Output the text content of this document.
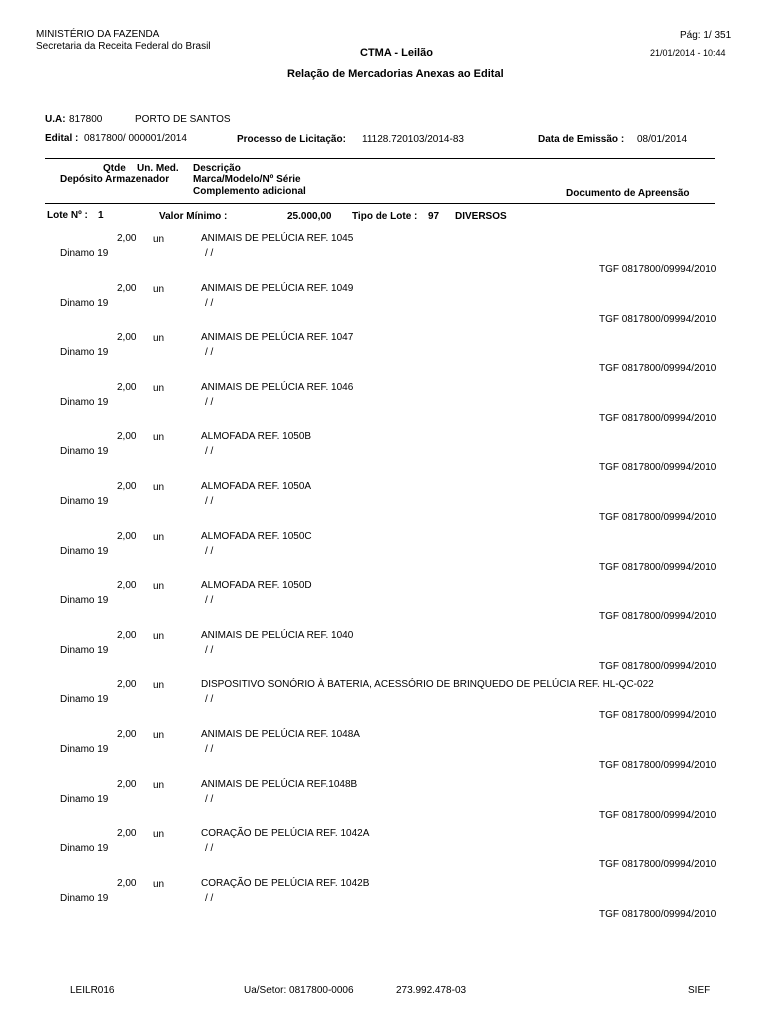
MINISTÉRIO DA FAZENDA
Secretaria da Receita Federal do Brasil
CTMA - Leilão
Relação de Mercadorias Anexas ao Edital
Pág: 1/ 351
21/01/2014 - 10:44
U.A: 817800	PORTO DE SANTOS
Edital : 0817800/ 000001/2014	Processo de Licitação: 11128.720103/2014-83	Data de Emissão : 08/01/2014
Qtde Un. Med. Descrição
Depósito Armazenador Marca/Modelo/Nº Série
Complemento adicional	Documento de Apreensão
Lote Nº : 1	Valor Mínimo :	25.000,00 Tipo de Lote : 97 DIVERSOS
2,00 un	ANIMAIS DE PELÚCIA REF. 1045
Dinamo 19	/ /
TGF 0817800/09994/2010
2,00 un	ANIMAIS DE PELÚCIA REF. 1049
Dinamo 19	/ /
TGF 0817800/09994/2010
2,00 un	ANIMAIS DE PELÚCIA REF. 1047
Dinamo 19	/ /
TGF 0817800/09994/2010
2,00 un	ANIMAIS DE PELÚCIA REF. 1046
Dinamo 19	/ /
TGF 0817800/09994/2010
2,00 un	ALMOFADA REF. 1050B
Dinamo 19	/ /
TGF 0817800/09994/2010
2,00 un	ALMOFADA REF. 1050A
Dinamo 19	/ /
TGF 0817800/09994/2010
2,00 un	ALMOFADA REF. 1050C
Dinamo 19	/ /
TGF 0817800/09994/2010
2,00 un	ALMOFADA REF. 1050D
Dinamo 19	/ /
TGF 0817800/09994/2010
2,00 un	ANIMAIS DE PELÚCIA REF. 1040
Dinamo 19	/ /
TGF 0817800/09994/2010
2,00 un	DISPOSITIVO SONÓRIO À BATERIA, ACESSÓRIO DE BRINQUEDO DE PELÚCIA REF. HL-QC-022
Dinamo 19	/ /
TGF 0817800/09994/2010
2,00 un	ANIMAIS DE PELÚCIA REF. 1048A
Dinamo 19	/ /
TGF 0817800/09994/2010
2,00 un	ANIMAIS DE PELÚCIA REF.1048B
Dinamo 19	/ /
TGF 0817800/09994/2010
2,00 un	CORAÇÃO DE PELÚCIA REF. 1042A
Dinamo 19	/ /
TGF 0817800/09994/2010
2,00 un	CORAÇÃO DE PELÚCIA REF. 1042B
Dinamo 19	/ /
TGF 0817800/09994/2010
LEILR016	Ua/Setor: 0817800-0006	273.992.478-03	SIEF
